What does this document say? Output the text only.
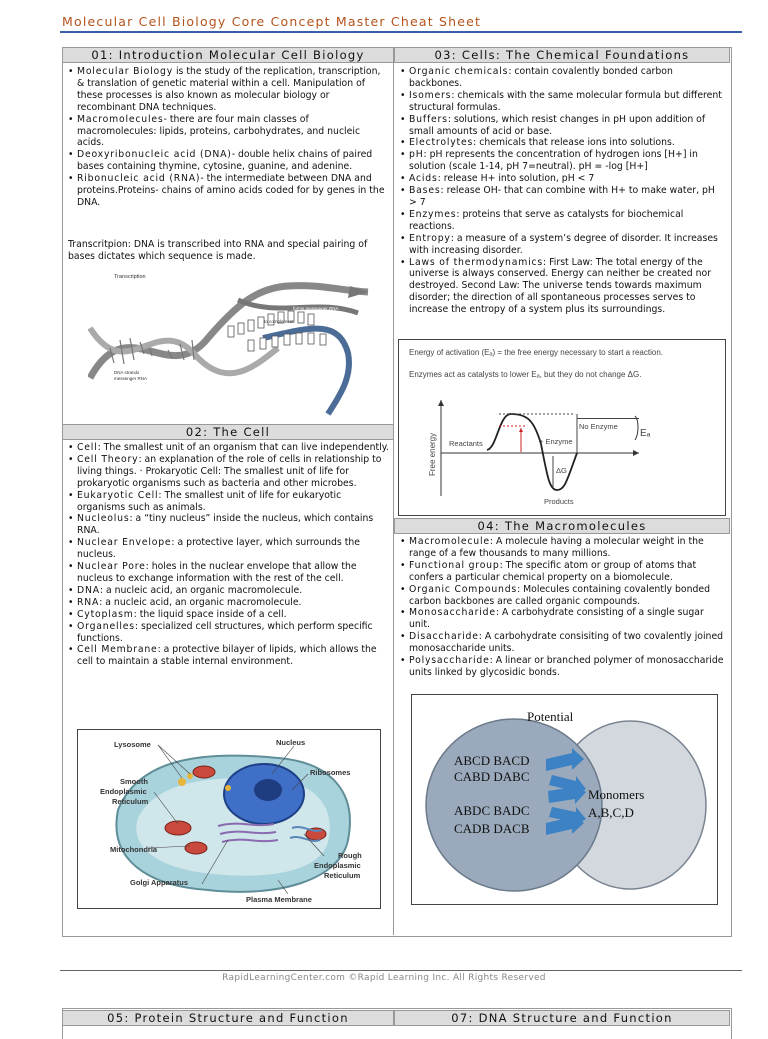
Molecular Cell Biology Core Concept Master Cheat Sheet
01: Introduction Molecular Cell Biology
• Molecular Biology is the study of the replication, transcription, & translation of genetic material within a cell. Manipulation of these processes is also known as molecular biology or recombinant DNA techniques.
• Macromolecules- there are four main classes of macromolecules: lipids, proteins, carbohydrates, and nucleic acids.
• Deoxyribonucleic acid (DNA)- double helix chains of paired bases containing thymine, cytosine, guanine, and adenine.
• Ribonucleic acid (RNA)- the intermediate between DNA and proteins.Proteins- chains of amino acids coded for by genes in the DNA.
Transcritpion: DNA is transcribed into RNA and special pairing of bases dictates which sequence is made.
Transcription
to complement
forms messenger RNA
DNA strands
messenger RNA
02: The Cell
• Cell: The smallest unit of an organism that can live independently.
• Cell Theory: an explanation of the role of cells in relationship to living things. · Prokaryotic Cell: The smallest unit of life for prokaryotic organisms such as bacteria and other microbes.
• Eukaryotic Cell: The smallest unit of life for eukaryotic organisms such as animals.
• Nucleolus: a “tiny nucleus” inside the nucleus, which contains RNA.
• Nuclear Envelope: a protective layer, which surrounds the nucleus.
• Nuclear Pore: holes in the nuclear envelope that allow the nucleus to exchange information with the rest of the cell.
• DNA: a nucleic acid, an organic macromolecule.
• RNA: a nucleic acid, an organic macromolecule.
• Cytoplasm: the liquid space inside of a cell.
• Organelles: specialized cell structures, which perform specific functions.
• Cell Membrane: a protective bilayer of lipids, which allows the cell to maintain a stable internal environment.
Lysosome	Nucleus
Ribosomes
Smooth
Endoplasmic
Reticulum
Mitochondria
Rough
Endoplasmic
Reticulum
Golgi Apparatus
Plasma Membrane
03: Cells: The Chemical Foundations
• Organic chemicals: contain covalently bonded carbon backbones.
• Isomers: chemicals with the same molecular formula but different structural formulas.
• Buffers: solutions, which resist changes in pH upon addition of small amounts of acid or base.
• Electrolytes: chemicals that release ions into solutions.
• pH: pH represents the concentration of hydrogen ions [H+] in solution (scale 1-14, pH 7=neutral). pH = -log [H+]
• Acids: release H+ into solution, pH < 7
• Bases: release OH- that can combine with H+ to make water, pH > 7
• Enzymes: proteins that serve as catalysts for biochemical reactions.
• Entropy: a measure of a system’s degree of disorder. It increases with increasing disorder.
• Laws of thermodynamics: First Law: The total energy of the universe is always conserved. Energy can neither be created nor destroyed. Second Law: The universe tends towards maximum disorder; the direction of all spontaneous processes serves to increase the entropy of a system plus its surroundings.
Energy of activation (Eₐ) = the free energy necessary to start a reaction.
Enzymes act as catalysts to lower Eₐ, but they do not change ΔG.
Free energy Reactants	+ Enzyme
No Enzyme
Eₐ
ΔG
Products
04: The Macromolecules
• Macromolecule: A molecule having a molecular weight in the range of a few thousands to many millions.
• Functional group: The specific atom or group of atoms that confers a particular chemical property on a biomolecule.
• Organic Compounds: Molecules containing covalently bonded carbon backbones are called organic compounds.
• Monosaccharide: A carbohydrate consisting of a single sugar unit.
• Disaccharide: A carbohydrate consisiting of two covalently joined monosaccharide units.
• Polysaccharide: A linear or branched polymer of monosaccharide units linked by glycosidic bonds.
Potential
ABCD BACD
CABD DABC
ABDC BADC
CADB DACB
Monomers
A,B,C,D
RapidLearningCenter.com ©Rapid Learning Inc. All Rights Reserved
05: Protein Structure and Function	07: DNA Structure and Function
